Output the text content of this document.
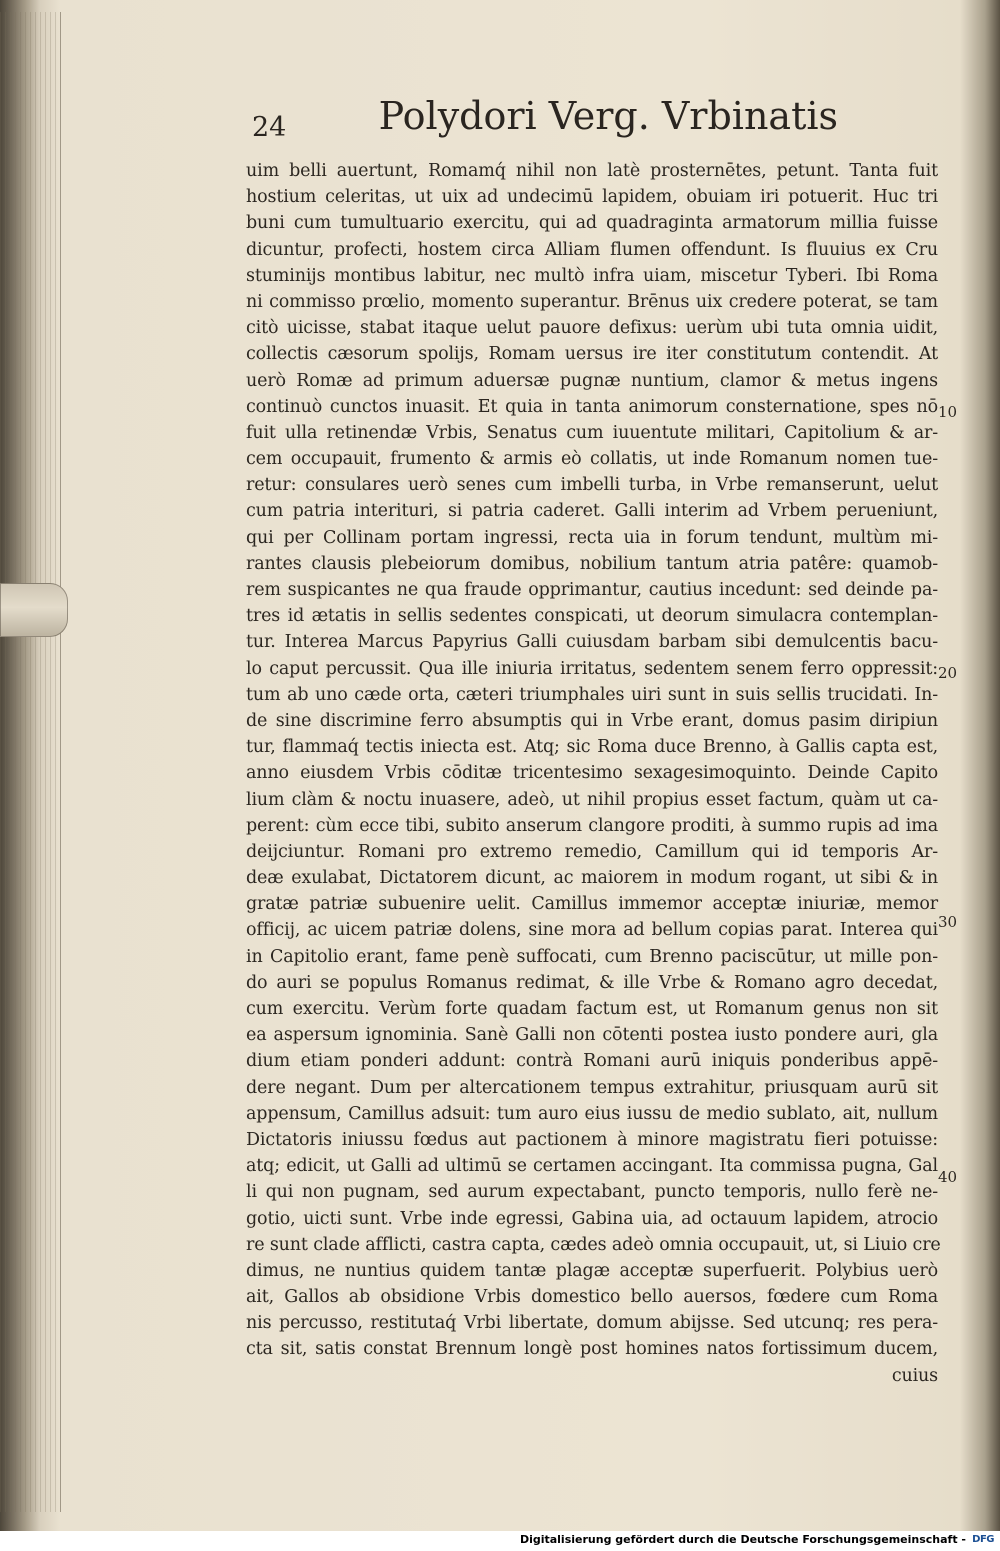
24 Polydori Verg. Vrbinatis
uim belli auertunt, Romamq́ nihil non latè prosternētes, petunt. Tanta fuit
hostium celeritas, ut uix ad undecimū lapidem, obuiam iri potuerit. Huc tri
buni cum tumultuario exercitu, qui ad quadraginta armatorum millia fuisse
dicuntur, profecti, hostem circa Alliam flumen offendunt. Is fluuius ex Cru
stuminijs montibus labitur, nec multò infra uiam, miscetur Tyberi. Ibi Roma
ni commisso prœlio, momento superantur. Brēnus uix credere poterat, se tam
citò uicisse, stabat itaque uelut pauore defixus: uerùm ubi tuta omnia uidit,
collectis cæsorum spolijs, Romam uersus ire iter constitutum contendit. At
uerò Romæ ad primum aduersæ pugnæ nuntium, clamor & metus ingens
continuò cunctos inuasit. Et quia in tanta animorum consternatione, spes nō
fuit ulla retinendæ Vrbis, Senatus cum iuuentute militari, Capitolium & ar-
cem occupauit, frumento & armis eò collatis, ut inde Romanum nomen tue-
retur: consulares uerò senes cum imbelli turba, in Vrbe remanserunt, uelut
cum patria interituri, si patria caderet. Galli interim ad Vrbem perueniunt,
qui per Collinam portam ingressi, recta uia in forum tendunt, multùm mi-
rantes clausis plebeiorum domibus, nobilium tantum atria patêre: quamob-
rem suspicantes ne qua fraude opprimantur, cautius incedunt: sed deinde pa-
tres id ætatis in sellis sedentes conspicati, ut deorum simulacra contemplan-
tur. Interea Marcus Papyrius Galli cuiusdam barbam sibi demulcentis bacu-
lo caput percussit. Qua ille iniuria irritatus, sedentem senem ferro oppressit:
tum ab uno cæde orta, cæteri triumphales uiri sunt in suis sellis trucidati. In-
de sine discrimine ferro absumptis qui in Vrbe erant, domus pasim diripiun
tur, flammaq́ tectis iniecta est. Atq; sic Roma duce Brenno, à Gallis capta est,
anno eiusdem Vrbis cōditæ tricentesimo sexagesimoquinto. Deinde Capito
lium clàm & noctu inuasere, adeò, ut nihil propius esset factum, quàm ut ca-
perent: cùm ecce tibi, subito anserum clangore proditi, à summo rupis ad ima
deijciuntur. Romani pro extremo remedio, Camillum qui id temporis Ar-
deæ exulabat, Dictatorem dicunt, ac maiorem in modum rogant, ut sibi & in
gratæ patriæ subuenire uelit. Camillus immemor acceptæ iniuriæ, memor
officij, ac uicem patriæ dolens, sine mora ad bellum copias parat. Interea qui
in Capitolio erant, fame penè suffocati, cum Brenno paciscūtur, ut mille pon-
do auri se populus Romanus redimat, & ille Vrbe & Romano agro decedat,
cum exercitu. Verùm forte quadam factum est, ut Romanum genus non sit
ea aspersum ignominia. Sanè Galli non cōtenti postea iusto pondere auri, gla
dium etiam ponderi addunt: contrà Romani aurū iniquis ponderibus appē-
dere negant. Dum per altercationem tempus extrahitur, priusquam aurū sit
appensum, Camillus adsuit: tum auro eius iussu de medio sublato, ait, nullum
Dictatoris iniussu fœdus aut pactionem à minore magistratu fieri potuisse:
atq; edicit, ut Galli ad ultimū se certamen accingant. Ita commissa pugna, Gal
li qui non pugnam, sed aurum expectabant, puncto temporis, nullo ferè ne-
gotio, uicti sunt. Vrbe inde egressi, Gabina uia, ad octauum lapidem, atrocio
re sunt clade afflicti, castra capta, cædes adeò omnia occupauit, ut, si Liuio cre
dimus, ne nuntius quidem tantæ plagæ acceptæ superfuerit. Polybius uerò
ait, Gallos ab obsidione Vrbis domestico bello auersos, fœdere cum Roma
nis percusso, restitutaq́ Vrbi libertate, domum abijsse. Sed utcunq; res pera-
cta sit, satis constat Brennum longè post homines natos fortissimum ducem,
cuius
10
20
30
40
Digitalisierung gefördert durch die Deutsche Forschungsgemeinschaft - DFG
